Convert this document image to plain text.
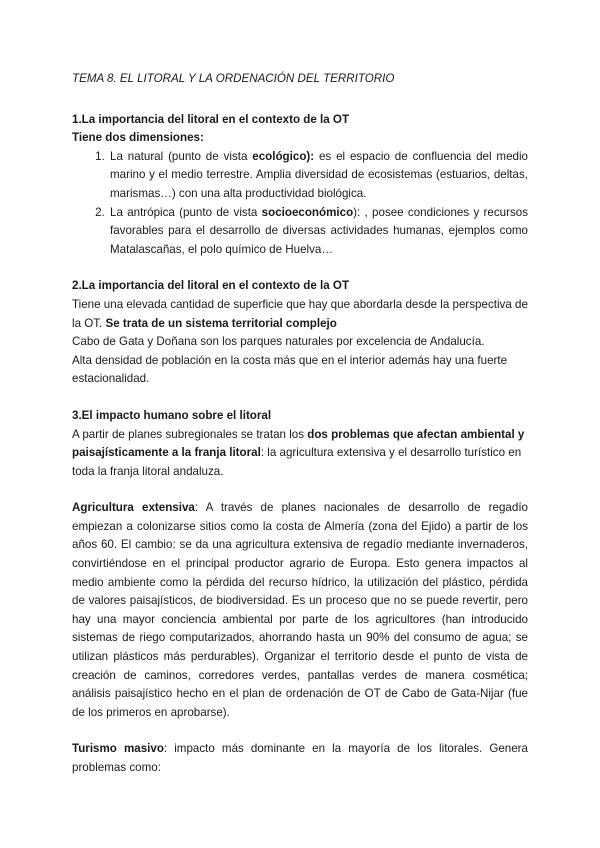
TEMA 8. EL LITORAL Y LA ORDENACIÓN DEL TERRITORIO

1.La importancia del litoral en el contexto de la OT

Tiene dos dimensiones:

1. La natural (punto de vista ecológico): es el espacio de confluencia del medio marino y el medio terrestre. Amplia diversidad de ecosistemas (estuarios, deltas, marismas…) con una alta productividad biológica.
2. La antrópica (punto de vista socioeconómico): , posee condiciones y recursos favorables para el desarrollo de diversas actividades humanas, ejemplos como Matalascañas, el polo químico de Huelva…

2.La importancia del litoral en el contexto de la OT

Tiene una elevada cantidad de superficie que hay que abordarla desde la perspectiva de la OT. Se trata de un sistema territorial complejo

Cabo de Gata y Doñana son los parques naturales por excelencia de Andalucía.

Alta densidad de población en la costa más que en el interior además hay una fuerte estacionalidad.

3.El impacto humano sobre el litoral

A partir de planes subregionales se tratan los dos problemas que afectan ambiental y paisajísticamente a la franja litoral: la agricultura extensiva y el desarrollo turístico en toda la franja litoral andaluza.

Agricultura extensiva: A través de planes nacionales de desarrollo de regadío empiezan a colonizarse sitios como la costa de Almería (zona del Ejido) a partir de los años 60. El cambio: se da una agricultura extensiva de regadío mediante invernaderos, convirtiéndose en el principal productor agrario de Europa. Esto genera impactos al medio ambiente como la pérdida del recurso hídrico, la utilización del plástico, pérdida de valores paisajísticos, de biodiversidad. Es un proceso que no se puede revertir, pero hay una mayor conciencia ambiental por parte de los agricultores (han introducido sistemas de riego computarizados, ahorrando hasta un 90% del consumo de agua; se utilizan plásticos más perdurables). Organizar el territorio desde el punto de vista de creación de caminos, corredores verdes, pantallas verdes de manera cosmética; análisis paisajístico hecho en el plan de ordenación de OT de Cabo de Gata-Nijar (fue de los primeros en aprobarse).

Turismo masivo: impacto más dominante en la mayoría de los litorales. Genera problemas como:
